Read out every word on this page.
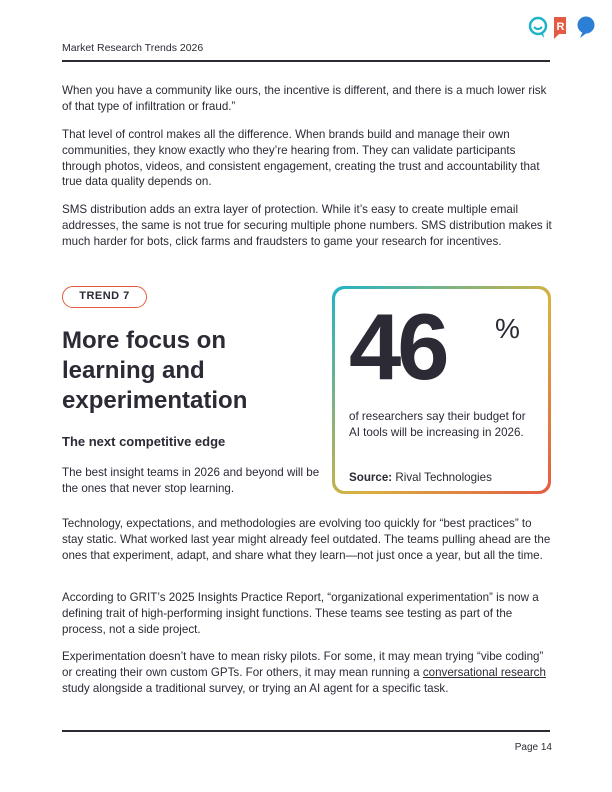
Market Research Trends 2026
R

When you have a community like ours, the incentive is different, and there is a much lower risk of that type of infiltration or fraud.”

That level of control makes all the difference. When brands build and manage their own communities, they know exactly who they’re hearing from. They can validate participants through photos, videos, and consistent engagement, creating the trust and accountability that true data quality depends on.

SMS distribution adds an extra layer of protection. While it’s easy to create multiple email addresses, the same is not true for securing multiple phone numbers. SMS distribution makes it much harder for bots, click farms and fraudsters to game your research for incentives.

TREND 7
More focus on learning and experimentation
The next competitive edge

The best insight teams in 2026 and beyond will be the ones that never stop learning.

46 %

of researchers say their budget for AI tools will be increasing in 2026.

Source: Rival Technologies

Technology, expectations, and methodologies are evolving too quickly for “best practices” to stay static. What worked last year might already feel outdated. The teams pulling ahead are the ones that experiment, adapt, and share what they learn—not just once a year, but all the time.

According to GRIT’s 2025 Insights Practice Report, “organizational experimentation” is now a defining trait of high-performing insight functions. These teams see testing as part of the process, not a side project.

Experimentation doesn’t have to mean risky pilots. For some, it may mean trying “vibe coding” or creating their own custom GPTs. For others, it may mean running a conversational research study alongside a traditional survey, or trying an AI agent for a specific task.

Page 14
